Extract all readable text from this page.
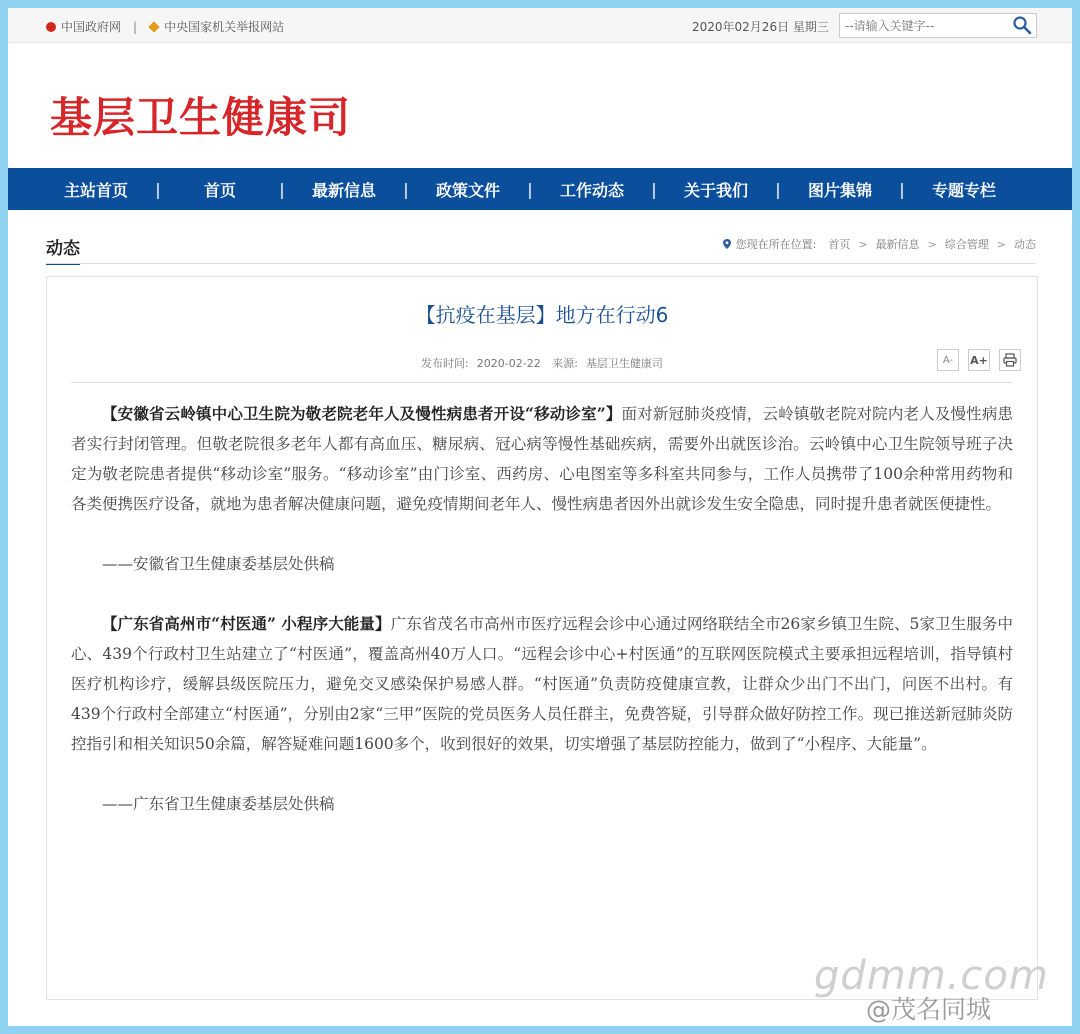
中国政府网 | 中央国家机关举报网站	2020年02月26日 星期三
--请输入关键字--
基层卫生健康司
主站首页	|	首页	|	最新信息	|	政策文件	|	工作动态	|	关于我们	|	图片集锦	|	专题专栏
动态	您现在所在位置: 首页 > 最新信息 > 综合管理 > 动态
【抗疫在基层】地方在行动6
发布时间: 2020-02-22 来源: 基层卫生健康司	A- A+

【安徽省云岭镇中心卫生院为敬老院老年人及慢性病患者开设“移动诊室”】面对新冠肺炎疫情，云岭镇敬老院对院内老人及慢性病患者实行封闭管理。但敬老院很多老年人都有高血压、糖尿病、冠心病等慢性基础疾病，需要外出就医诊治。云岭镇中心卫生院领导班子决定为敬老院患者提供“移动诊室”服务。“移动诊室”由门诊室、西药房、心电图室等多科室共同参与，工作人员携带了100余种常用药物和各类便携医疗设备，就地为患者解决健康问题，避免疫情期间老年人、慢性病患者因外出就诊发生安全隐患，同时提升患者就医便捷性。

——安徽省卫生健康委基层处供稿

【广东省高州市“村医通” 小程序大能量】广东省茂名市高州市医疗远程会诊中心通过网络联结全市26家乡镇卫生院、5家卫生服务中心、439个行政村卫生站建立了“村医通”，覆盖高州40万人口。“远程会诊中心+村医通”的互联网医院模式主要承担远程培训，指导镇村医疗机构诊疗，缓解县级医院压力，避免交叉感染保护易感人群。“村医通”负责防疫健康宣教，让群众少出门不出门，问医不出村。有439个行政村全部建立“村医通”，分别由2家“三甲”医院的党员医务人员任群主，免费答疑，引导群众做好防控工作。现已推送新冠肺炎防控指引和相关知识50余篇，解答疑难问题1600多个，收到很好的效果，切实增强了基层防控能力，做到了“小程序、大能量”。

——广东省卫生健康委基层处供稿

gdmm.com
@茂名同城
